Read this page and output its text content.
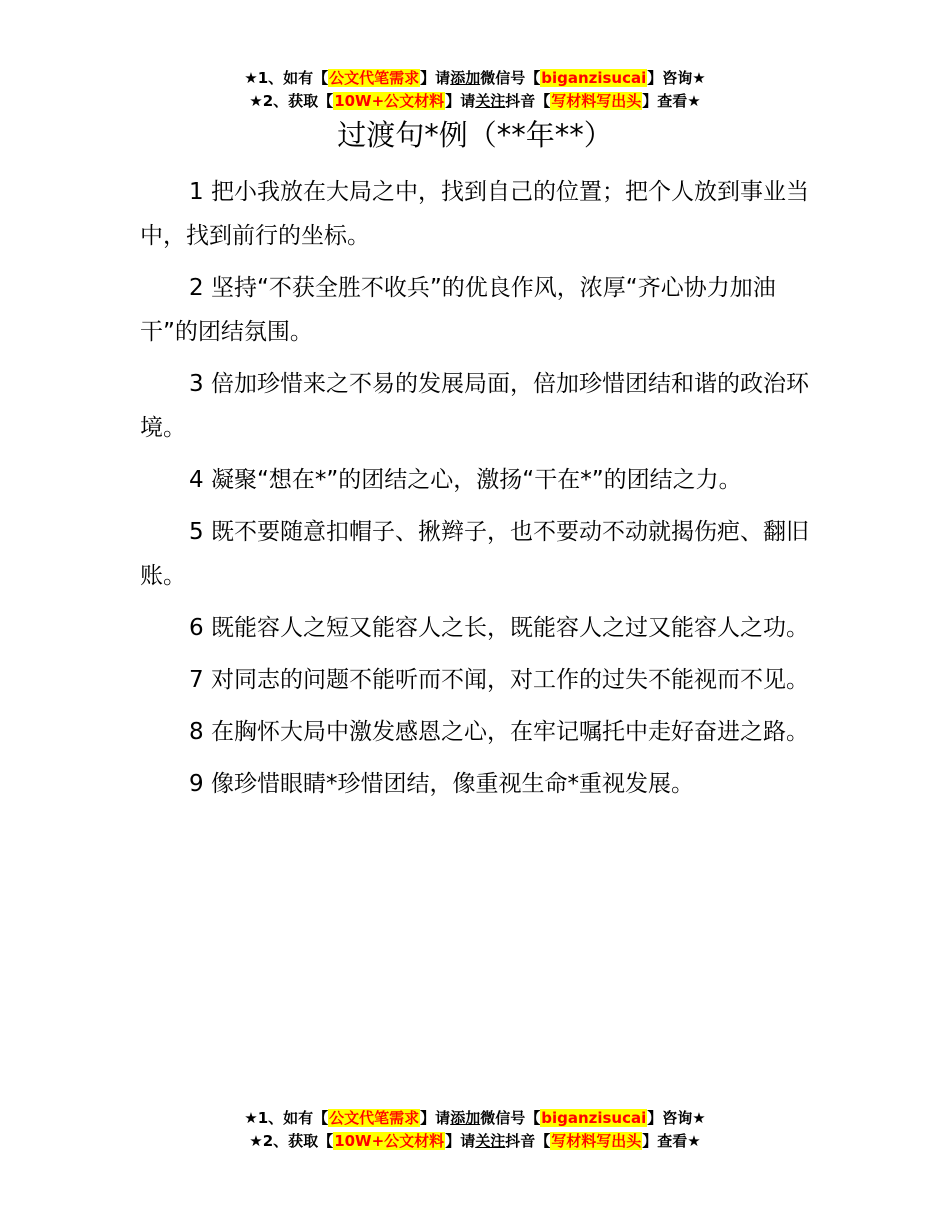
★1、如有【公文代笔需求】请添加微信号【biganzisucai】咨询★
★2、获取【10W+公文材料】请关注抖音【写材料写出头】查看★
过渡句*例（**年**）

1 把小我放在大局之中，找到自己的位置；把个人放到事业当中，找到前行的坐标。

2 坚持“不获全胜不收兵”的优良作风，浓厚“齐心协力加油干”的团结氛围。

3 倍加珍惜来之不易的发展局面，倍加珍惜团结和谐的政治环境。

4 凝聚“想在*”的团结之心，激扬“干在*”的团结之力。

5 既不要随意扣帽子、揪辫子，也不要动不动就揭伤疤、翻旧账。

6 既能容人之短又能容人之长，既能容人之过又能容人之功。

7 对同志的问题不能听而不闻，对工作的过失不能视而不见。

8 在胸怀大局中激发感恩之心，在牢记嘱托中走好奋进之路。

9 像珍惜眼睛*珍惜团结，像重视生命*重视发展。

★1、如有【公文代笔需求】请添加微信号【biganzisucai】咨询★
★2、获取【10W+公文材料】请关注抖音【写材料写出头】查看★
